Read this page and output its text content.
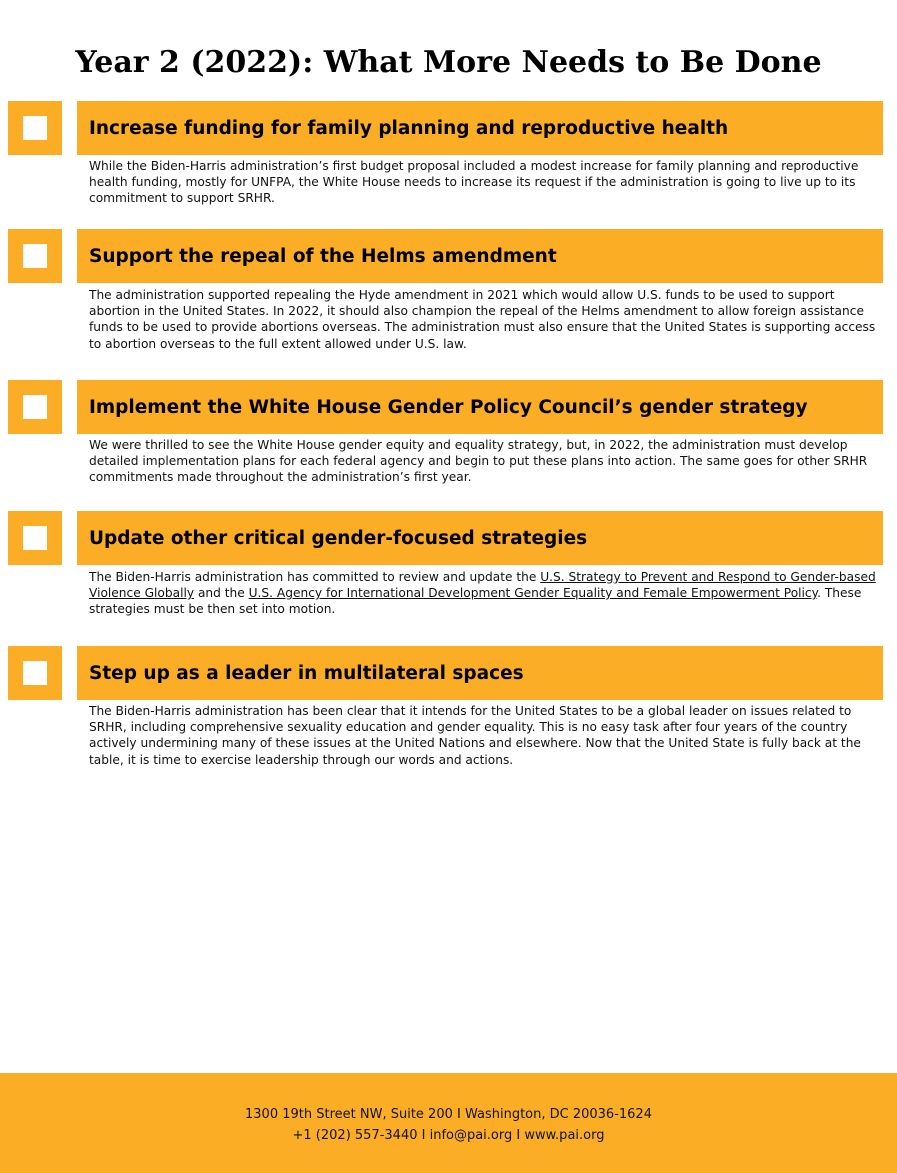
Year 2 (2022): What More Needs to Be Done
Increase funding for family planning and reproductive health

While the Biden-Harris administration’s first budget proposal included a modest increase for family planning and reproductive health funding, mostly for UNFPA, the White House needs to increase its request if the administration is going to live up to its commitment to support SRHR.

Support the repeal of the Helms amendment

The administration supported repealing the Hyde amendment in 2021 which would allow U.S. funds to be used to support abortion in the United States. In 2022, it should also champion the repeal of the Helms amendment to allow foreign assistance funds to be used to provide abortions overseas. The administration must also ensure that the United States is supporting access to abortion overseas to the full extent allowed under U.S. law.

Implement the White House Gender Policy Council’s gender strategy

We were thrilled to see the White House gender equity and equality strategy, but, in 2022, the administration must develop detailed implementation plans for each federal agency and begin to put these plans into action. The same goes for other SRHR commitments made throughout the administration’s first year.

Update other critical gender-focused strategies

The Biden-Harris administration has committed to review and update the U.S. Strategy to Prevent and Respond to Gender-based Violence Globally and the U.S. Agency for International Development Gender Equality and Female Empowerment Policy. These strategies must be then set into motion.

Step up as a leader in multilateral spaces

The Biden-Harris administration has been clear that it intends for the United States to be a global leader on issues related to SRHR, including comprehensive sexuality education and gender equality. This is no easy task after four years of the country actively undermining many of these issues at the United Nations and elsewhere. Now that the United State is fully back at the table, it is time to exercise leadership through our words and actions.

1300 19th Street NW, Suite 200 I Washington, DC 20036-1624
+1 (202) 557-3440 I info@pai.org I www.pai.org
